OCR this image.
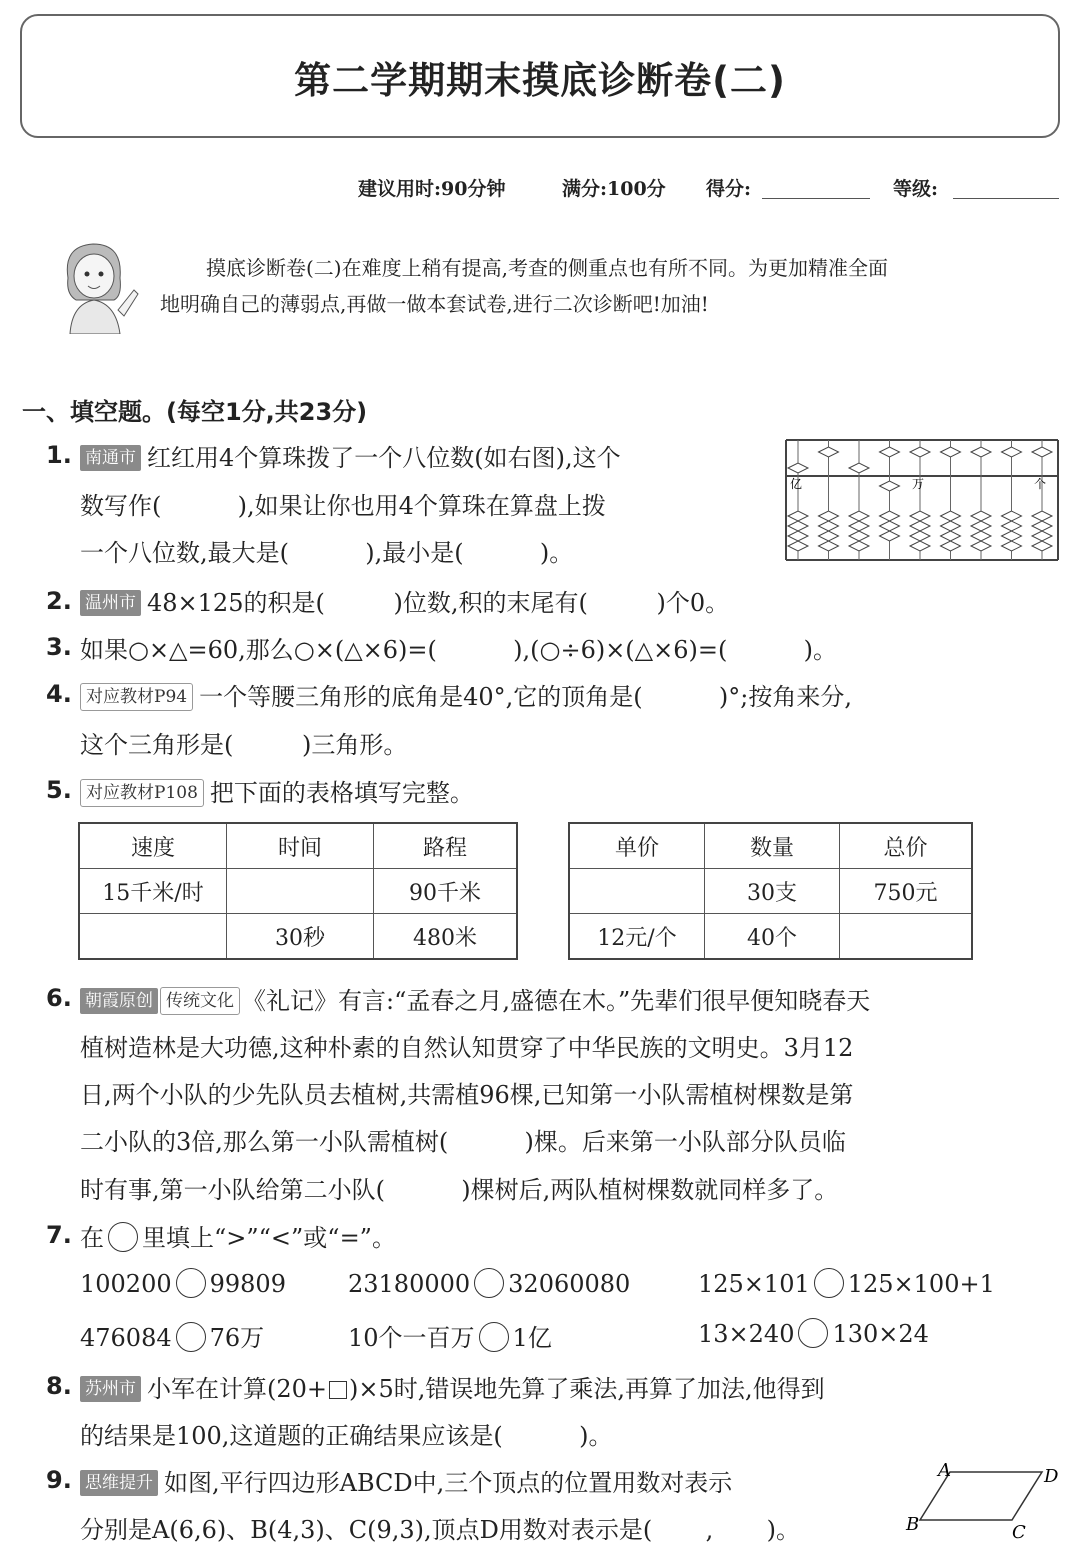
第二学期期末摸底诊断卷(二)
建议用时:90分钟	满分:100分 得分:	等级:

摸底诊断卷(二)在难度上稍有提高,考查的侧重点也有所不同。为更加精准全面

地明确自己的薄弱点,再做一做本套试卷,进行二次诊断吧!加油!

一、填空题。(每空1分,共23分)
1. 南通市 红红用4个算珠拨了一个八位数(如右图),这个
数写作(          ),如果让你也用4个算珠在算盘上拨
一个八位数,最大是(          ),最小是(          )。
亿	万	个
2. 温州市 48×125的积是(         )位数,积的末尾有(         )个0。
3. 如果○×△=60,那么○×(△×6)=(          ),(○÷6)×(△×6)=(          )。
4. 对应教材P94 一个等腰三角形的底角是40°,它的顶角是(          )°;按角来分,
这个三角形是(         )三角形。
5. 对应教材P108 把下面的表格填写完整。
速度	时间	路程
15千米/时		90千米
	30秒	480米
单价	数量	总价
	30支	750元
12元/个	40个	
6. 朝霞原创 传统文化 《礼记》有言:“孟春之月,盛德在木。”先辈们很早便知晓春天
植树造林是大功德,这种朴素的自然认知贯穿了中华民族的文明史。3月12
日,两个小队的少先队员去植树,共需植96棵,已知第一小队需植树棵数是第
二小队的3倍,那么第一小队需植树(          )棵。后来第一小队部分队员临
时有事,第一小队给第二小队(          )棵树后,两队植树棵数就同样多了。
7. 在 里填上“>”“<”或“=”。
100200 99809	23180000 32060080	125×101 125×100+1
476084 76万	10个一百万 1亿	13×240 130×24
8. 苏州市 小军在计算(20+ )×5时,错误地先算了乘法,再算了加法,他得到
的结果是100,这道题的正确结果应该是(          )。
9. 思维提升 如图,平行四边形ABCD中,三个顶点的位置用数对表示
分别是A(6,6)、B(4,3)、C(9,3),顶点D用数对表示是(       ,       )。
A	D
B	C
